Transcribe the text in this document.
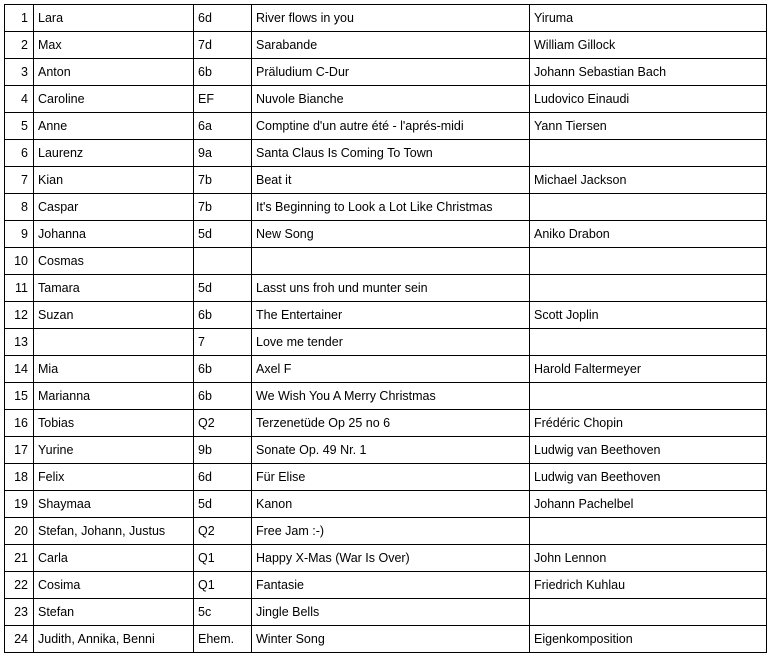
1	Lara	6d	River flows in you	Yiruma
2	Max	7d	Sarabande	William Gillock
3	Anton	6b	Präludium C-Dur	Johann Sebastian Bach
4	Caroline	EF	Nuvole Bianche	Ludovico Einaudi
5	Anne	6a	Comptine d'un autre été - l'aprés-midi	Yann Tiersen
6	Laurenz	9a	Santa Claus Is Coming To Town	
7	Kian	7b	Beat it	Michael Jackson
8	Caspar	7b	It's Beginning to Look a Lot Like Christmas	
9	Johanna	5d	New Song	Aniko Drabon
10	Cosmas			
11	Tamara	5d	Lasst uns froh und munter sein	
12	Suzan	6b	The Entertainer	Scott Joplin
13		7	Love me tender	
14	Mia	6b	Axel F	Harold Faltermeyer
15	Marianna	6b	We Wish You A Merry Christmas	
16	Tobias	Q2	Terzenetüde Op 25 no 6	Frédéric Chopin
17	Yurine	9b	Sonate Op. 49 Nr. 1	Ludwig van Beethoven
18	Felix	6d	Für Elise	Ludwig van Beethoven
19	Shaymaa	5d	Kanon	Johann Pachelbel
20	Stefan, Johann, Justus	Q2	Free Jam :-)	
21	Carla	Q1	Happy X-Mas (War Is Over)	John Lennon
22	Cosima	Q1	Fantasie	Friedrich Kuhlau
23	Stefan	5c	Jingle Bells	
24	Judith, Annika, Benni	Ehem.	Winter Song	Eigenkomposition
